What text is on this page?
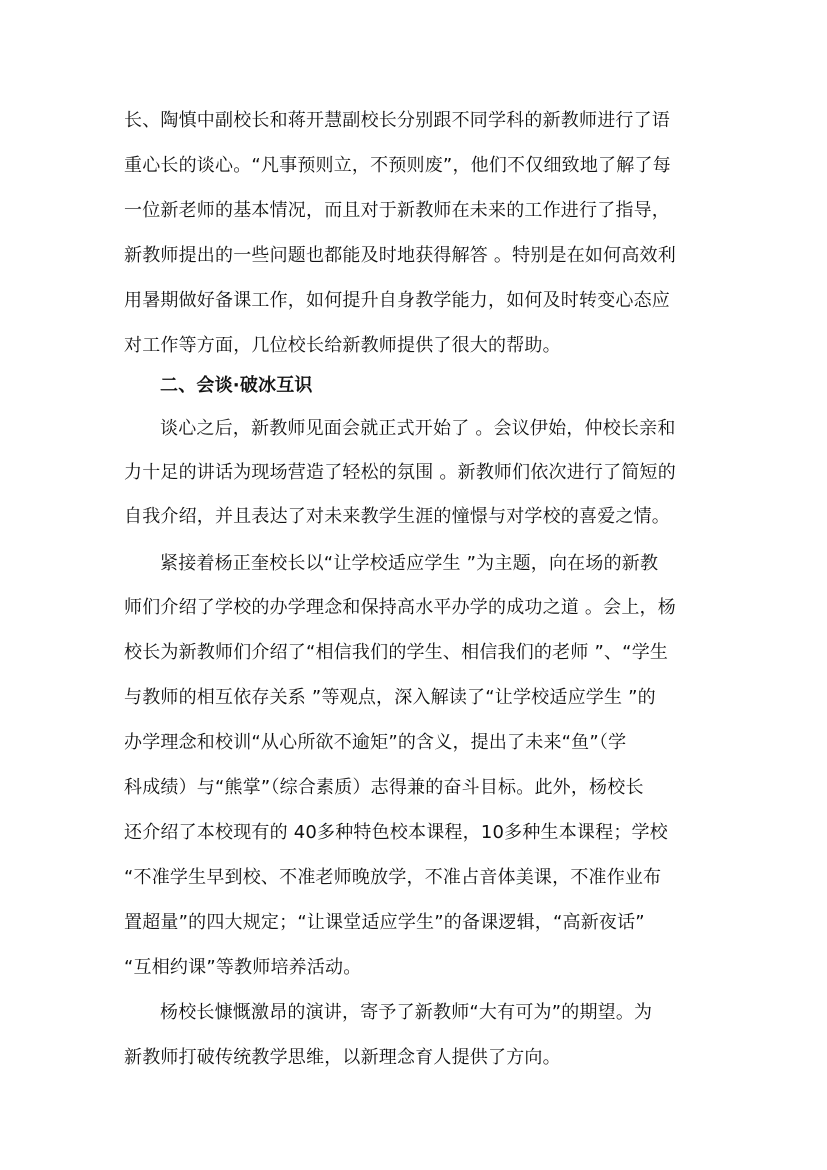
长、陶慎中副校长和蒋开慧副校长分别跟不同学科的新教师进行了语
重心长的谈心。“凡事预则立，不预则废”，他们不仅细致地了解了每
一位新老师的基本情况，而且对于新教师在未来的工作进行了指导，
新教师提出的一些问题也都能及时地获得解答 。特别是在如何高效利
用暑期做好备课工作，如何提升自身教学能力，如何及时转变心态应
对工作等方面，几位校长给新教师提供了很大的帮助。
二、会谈·破冰互识
谈心之后，新教师见面会就正式开始了 。会议伊始，仲校长亲和
力十足的讲话为现场营造了轻松的氛围 。新教师们依次进行了简短的
自我介绍，并且表达了对未来教学生涯的憧憬与对学校的喜爱之情。
紧接着杨正奎校长以“让学校适应学生 ”为主题，向在场的新教
师们介绍了学校的办学理念和保持高水平办学的成功之道 。会上，杨
校长为新教师们介绍了“相信我们的学生、相信我们的老师 ”、“学生
与教师的相互依存关系 ”等观点，深入解读了“让学校适应学生 ”的
办学理念和校训“从心所欲不逾矩”的含义，提出了未来“鱼”（学
科成绩）与“熊掌”（综合素质）志得兼的奋斗目标。此外，杨校长
还介绍了本校现有的 40多种特色校本课程，10多种生本课程；学校
“不准学生早到校、不准老师晚放学，不准占音体美课，不准作业布
置超量”的四大规定；“让课堂适应学生”的备课逻辑，“高新夜话”
“互相约课”等教师培养活动。
杨校长慷慨激昂的演讲，寄予了新教师“大有可为”的期望。为
新教师打破传统教学思维，以新理念育人提供了方向。
